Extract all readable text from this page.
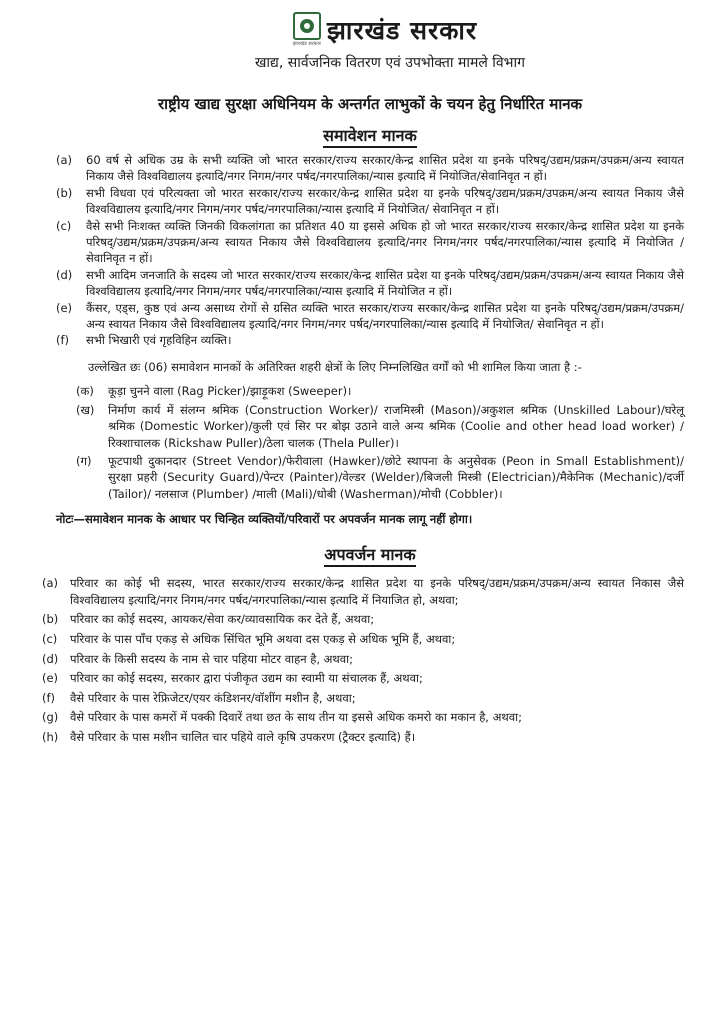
झारखंड सरकार झारखंड सरकार
खाद्य, सार्वजनिक वितरण एवं उपभोक्ता मामले विभाग
राष्ट्रीय खाद्य सुरक्षा अधिनियम के अन्तर्गत लाभुकों के चयन हेतु निर्धारित मानक
समावेशन मानक
(a)	60 वर्ष से अधिक उम्र के सभी व्यक्ति जो भारत सरकार/राज्य सरकार/केन्द्र शासित प्रदेश या इनके परिषद्/उद्यम/प्रक्रम/उपक्रम/अन्य स्वायत निकाय जैसे विश्वविद्यालय इत्यादि/नगर निगम/नगर पर्षद/नगरपालिका/न्यास इत्यादि में नियोजित/सेवानिवृत न हों।
(b)	सभी विधवा एवं परित्यक्ता जो भारत सरकार/राज्य सरकार/केन्द्र शासित प्रदेश या इनके परिषद्/उद्यम/प्रक्रम/उपक्रम/अन्य स्वायत निकाय जैसे विश्वविद्यालय इत्यादि/नगर निगम/नगर पर्षद/नगरपालिका/न्यास इत्यादि में नियोजित/ सेवानिवृत न हों।
(c)	वैसे सभी निःशक्त व्यक्ति जिनकी विकलांगता का प्रतिशत 40 या इससे अधिक हो जो भारत सरकार/राज्य सरकार/केन्द्र शासित प्रदेश या इनके परिषद्/उद्यम/प्रक्रम/उपक्रम/अन्य स्वायत निकाय जैसे विश्वविद्यालय इत्यादि/नगर निगम/नगर पर्षद/नगरपालिका/न्यास इत्यादि में नियोजित / सेवानिवृत न हों।
(d)	सभी आदिम जनजाति के सदस्य जो भारत सरकार/राज्य सरकार/केन्द्र शासित प्रदेश या इनके परिषद्/उद्यम/प्रक्रम/उपक्रम/अन्य स्वायत निकाय जैसे विश्वविद्यालय इत्यादि/नगर निगम/नगर पर्षद/नगरपालिका/न्यास इत्यादि में नियोजित न हों।
(e)	कैंसर, एड्स, कुष्ठ एवं अन्य असाध्य रोगों से ग्रसित व्यक्ति भारत सरकार/राज्य सरकार/केन्द्र शासित प्रदेश या इनके परिषद्/उद्यम/प्रक्रम/उपक्रम/अन्य स्वायत निकाय जैसे विश्वविद्यालय इत्यादि/नगर निगम/नगर पर्षद/नगरपालिका/न्यास इत्यादि में नियोजित/ सेवानिवृत न हों।
(f)	सभी भिखारी एवं गृहविहिन व्यक्ति।
उल्लेखित छः (06) समावेशन मानकों के अतिरिक्त शहरी क्षेत्रों के लिए निम्नलिखित वर्गों को भी शामिल किया जाता है :-
(क)	कूड़ा चुनने वाला (Rag Picker)/झाड़ूकश (Sweeper)।
(ख)	निर्माण कार्य में संलग्न श्रमिक (Construction Worker)/ राजमिस्त्री (Mason)/अकुशल श्रमिक (Unskilled Labour)/घरेलू श्रमिक (Domestic Worker)/कुली एवं सिर पर बोझ उठाने वाले अन्य श्रमिक (Coolie and other head load worker) /रिक्शाचालक (Rickshaw Puller)/ठेला चालक (Thela Puller)।
(ग)	फूटपाथी दुकानदार (Street Vendor)/फेरीवाला (Hawker)/छोटे स्थापना के अनुसेवक (Peon in Small Establishment)/सुरक्षा प्रहरी (Security Guard)/पेन्टर (Painter)/वेल्डर (Welder)/बिजली मिस्त्री (Electrician)/मैकेनिक (Mechanic)/दर्जी (Tailor)/ नलसाज (Plumber) /माली (Mali)/धोबी (Washerman)/मोची (Cobbler)।
नोटः—समावेशन मानक के आधार पर चिन्हित व्यक्तियों/परिवारों पर अपवर्जन मानक लागू नहीं होगा।
अपवर्जन मानक
(a)	परिवार का कोई भी सदस्य, भारत सरकार/राज्य सरकार/केन्द्र शासित प्रदेश या इनके परिषद्/उद्यम/प्रक्रम/उपक्रम/अन्य स्वायत निकास जैसे विश्वविद्यालय इत्यादि/नगर निगम/नगर पर्षद/नगरपालिका/न्यास इत्यादि में नियाजित हो, अथवा;
(b)	परिवार का कोई सदस्य, आयकर/सेवा कर/व्यावसायिक कर देते हैं, अथवा;
(c)	परिवार के पास पाँच एकड़ से अधिक सिंचित भूमि अथवा दस एकड़ से अधिक भूमि हैं, अथवा;
(d)	परिवार के किसी सदस्य के नाम से चार पहिया मोटर वाहन है, अथवा;
(e)	परिवार का कोई सदस्य, सरकार द्वारा पंजीकृत उद्यम का स्वामी या संचालक हैं, अथवा;
(f)	वैसे परिवार के पास रेफ्रिजेटर/एयर कंडिशनर/वॉशींग मशीन है, अथवा;
(g)	वैसे परिवार के पास कमरों में पक्की दिवारें तथा छत के साथ तीन या इससे अधिक कमरो का मकान है, अथवा;
(h)	वैसे परिवार के पास मशीन चालित चार पहिये वाले कृषि उपकरण (ट्रैक्टर इत्यादि) हैं।
